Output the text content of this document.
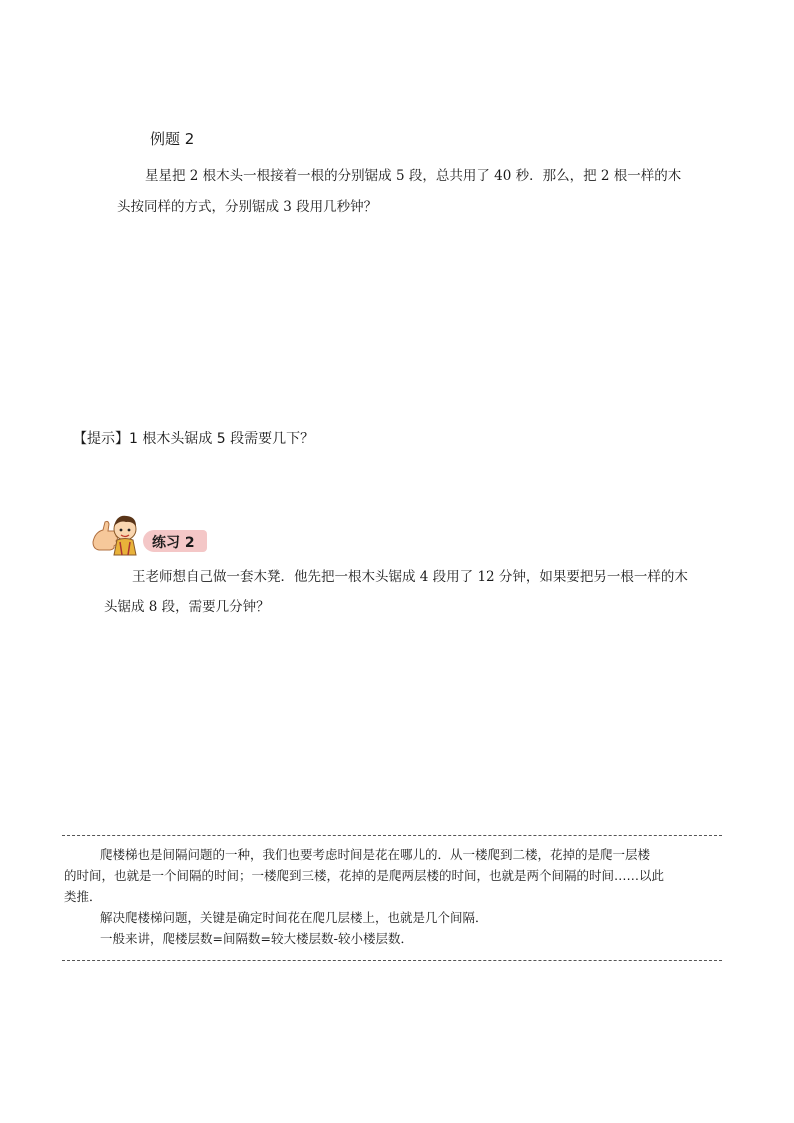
例题 2
星星把 2 根木头一根接着一根的分别锯成 5 段，总共用了 40 秒．那么，把 2 根一样的木
头按同样的方式，分别锯成 3 段用几秒钟？
【提示】1 根木头锯成 5 段需要几下？
练习 2
王老师想自己做一套木凳．他先把一根木头锯成 4 段用了 12 分钟，如果要把另一根一样的木
头锯成 8 段，需要几分钟？
爬楼梯也是间隔问题的一种，我们也要考虑时间是花在哪儿的．从一楼爬到二楼，花掉的是爬一层楼
的时间，也就是一个间隔的时间；一楼爬到三楼，花掉的是爬两层楼的时间，也就是两个间隔的时间……以此
类推．
解决爬楼梯问题，关键是确定时间花在爬几层楼上，也就是几个间隔．
一般来讲，爬楼层数=间隔数=较大楼层数-较小楼层数．
